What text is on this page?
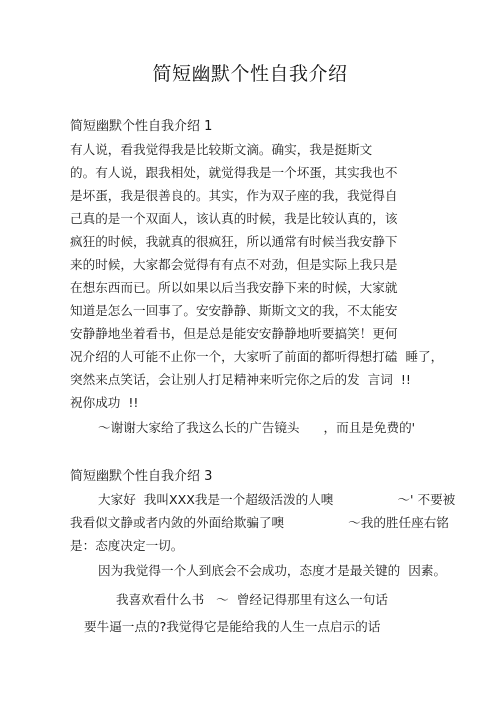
简短幽默个性自我介绍
简短幽默个性自我介绍 1
有人说，看我觉得我是比较斯文滴。确实，我是挺斯文
的。有人说，跟我相处，就觉得我是一个坏蛋，其实我也不
是坏蛋，我是很善良的。其实，作为双子座的我，我觉得自
己真的是一个双面人，该认真的时候，我是比较认真的，该
疯狂的时候，我就真的很疯狂，所以通常有时候当我安静下
来的时候，大家都会觉得有有点不对劲，但是实际上我只是
在想东西而已。所以如果以后当我安静下来的时候，大家就
知道是怎么一回事了。安安静静、斯斯文文的我，不太能安
安静静地坐着看书，但是总是能安安静静地听要搞笑！更何
况介绍的人可能不止你一个，大家听了前面的都听得想打磕  睡了，
突然来点笑话，会让别人打足精神来听完你之后的发  言词  !!
祝你成功  !!
〜谢谢大家给了我这么长的广告镜头      ，而且是免费的'
简短幽默个性自我介绍 3
大家好  我叫XXX我是一个超级活泼的人噢                〜' 不要被
我看似文静或者内敛的外面给欺骗了噢                〜我的胜任座右铭
是：态度决定一切。
因为我觉得一个人到底会不会成功，态度才是最关键的  因素。
我喜欢看什么书   〜  曾经记得那里有这么一句话
要牛逼一点的?我觉得它是能给我的人生一点启示的话
